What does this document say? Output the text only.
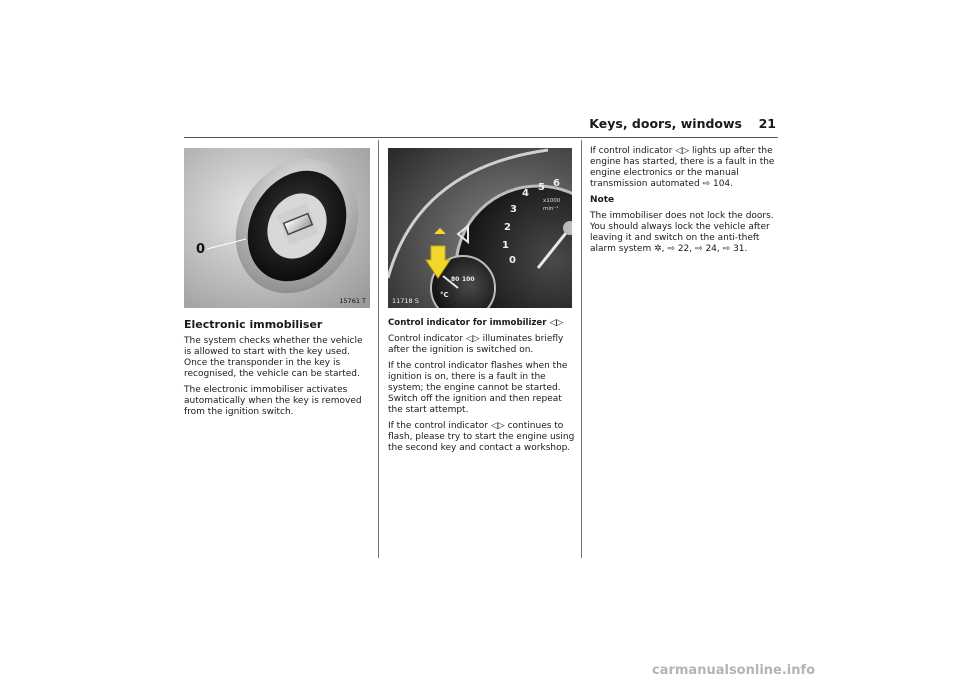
Keys, doors, windows 21
0
15761 T
1
2
3
4
5 6
0
x1000
min⁻¹
°C
80 100
11718 S

Electronic immobiliser

The system checks whether the vehicle is allowed to start with the key used. Once the transponder in the key is recognised, the vehicle can be started.

The electronic immobiliser activates automatically when the key is removed from the ignition switch.

Control indicator for immobilizer ◁▷

Control indicator ◁▷ illuminates briefly after the ignition is switched on.

If the control indicator flashes when the ignition is on, there is a fault in the system; the engine cannot be started. Switch off the ignition and then repeat the start attempt.

If the control indicator ◁▷ continues to flash, please try to start the engine using the second key and contact a workshop.

If control indicator ◁▷ lights up after the engine has started, there is a fault in the engine electronics or the manual transmission automated ⇨ 104.

Note

The immobiliser does not lock the doors. You should always lock the vehicle after leaving it and switch on the anti-theft alarm system ✲, ⇨ 22, ⇨ 24, ⇨ 31.

carmanualsonline.info
